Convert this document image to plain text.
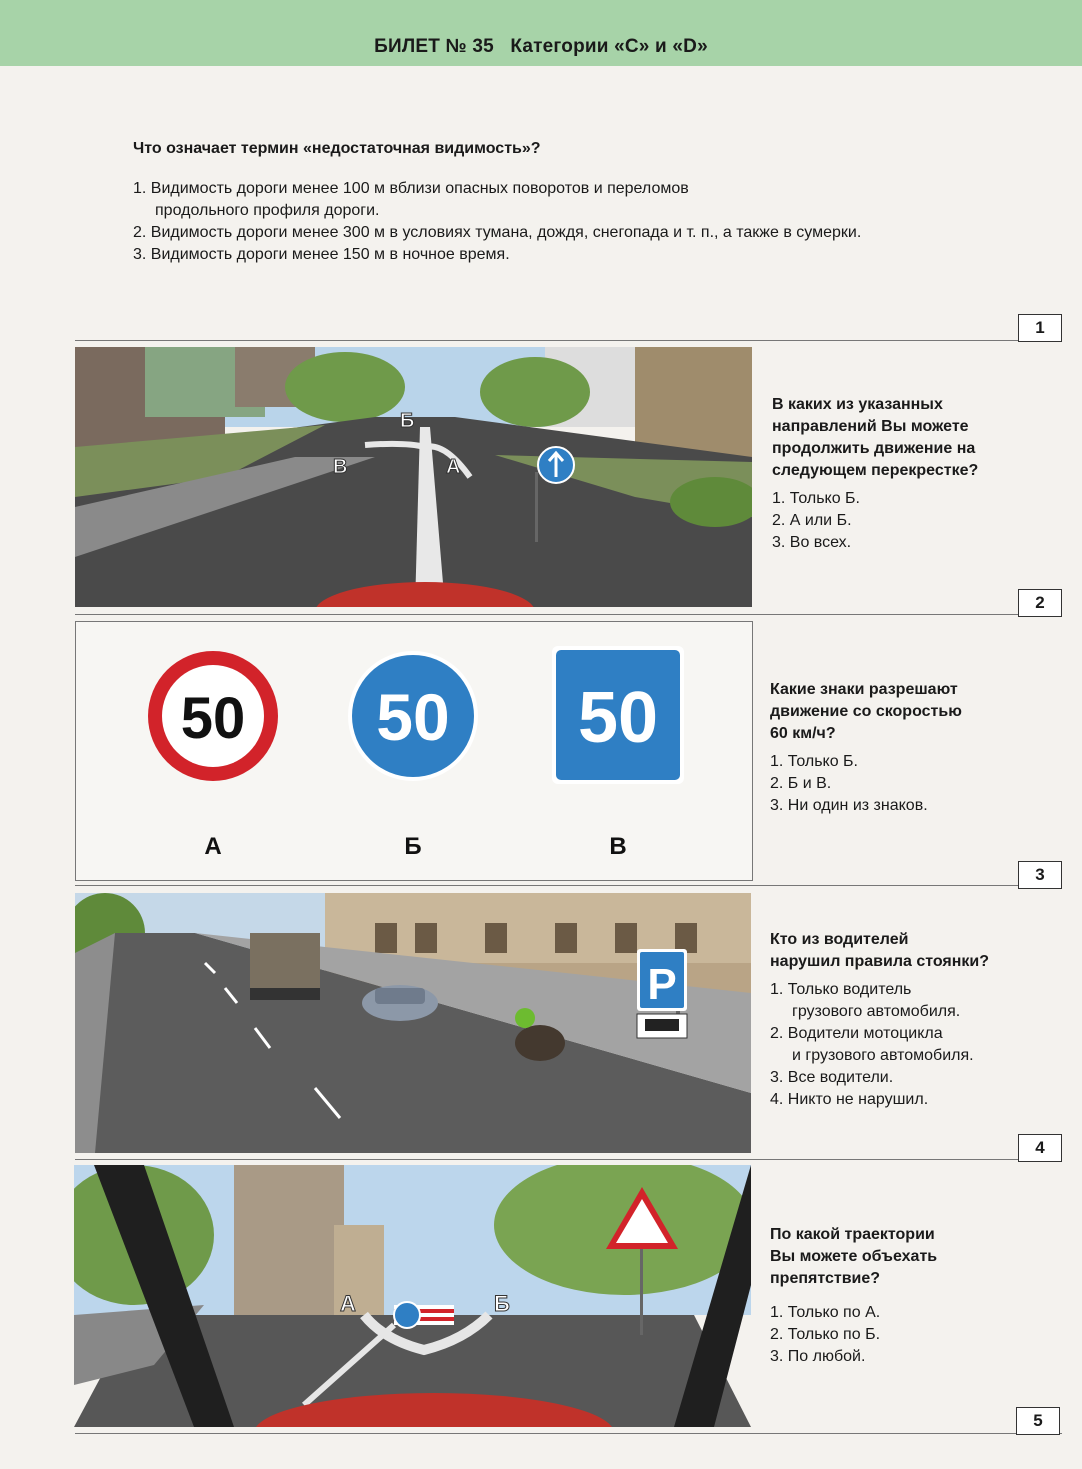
БИЛЕТ № 35   Категории «С» и «D»
Что означает термин «недостаточная видимость»?
1. Видимость дороги менее 100 м вблизи опасных поворотов и переломов
продольного профиля дороги.
2. Видимость дороги менее 300 м в условиях тумана, дождя, снегопада и т. п., а также в сумерки.
3. Видимость дороги менее 150 м в ночное время.
1
Б
В	А
В каких из указанных
направлений Вы можете
продолжить движение на
следующем перекрестке?
1. Только Б.
2. А или Б.
3. Во всех.
2
50 50 50
А	Б	В
Какие знаки разрешают
движение со скоростью
60 км/ч?
1. Только Б.
2. Б и В.
3. Ни один из знаков.
3
P
Кто из водителей
нарушил правила стоянки?
1. Только водитель
грузового автомобиля.
2. Водители мотоцикла
и грузового автомобиля.
3. Все водители.
4. Никто не нарушил.
4
А	Б
По какой траектории
Вы можете объехать
препятствие?
1. Только по А.
2. Только по Б.
3. По любой.
5
